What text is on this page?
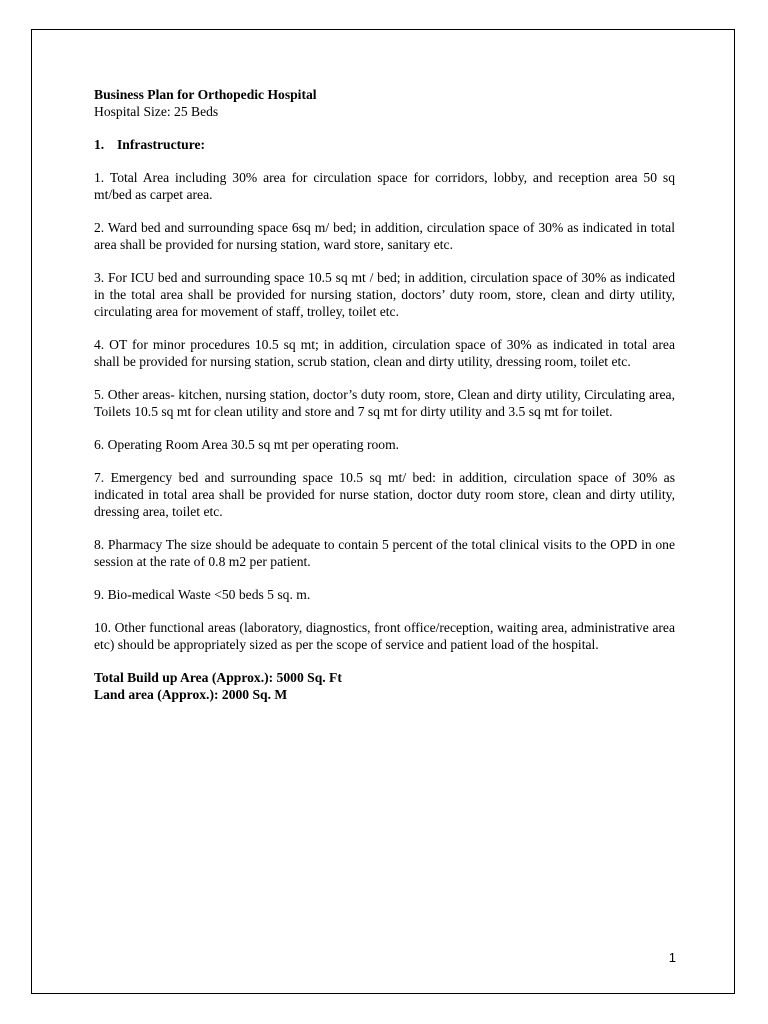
Business Plan for Orthopedic Hospital

Hospital Size: 25 Beds

1. Infrastructure:

1. Total Area including 30% area for circulation space for corridors, lobby, and reception area 50 sq mt/bed as carpet area.

2. Ward bed and surrounding space 6sq m/ bed; in addition, circulation space of 30% as indicated in total area shall be provided for nursing station, ward store, sanitary etc.

3. For ICU bed and surrounding space 10.5 sq mt / bed; in addition, circulation space of 30% as indicated in the total area shall be provided for nursing station, doctors’ duty room, store, clean and dirty utility, circulating area for movement of staff, trolley, toilet etc.

4. OT for minor procedures 10.5 sq mt; in addition, circulation space of 30% as indicated in total area shall be provided for nursing station, scrub station, clean and dirty utility, dressing room, toilet etc.

5. Other areas- kitchen, nursing station, doctor’s duty room, store, Clean and dirty utility, Circulating area, Toilets 10.5 sq mt for clean utility and store and 7 sq mt for dirty utility and 3.5 sq mt for toilet.

6. Operating Room Area 30.5 sq mt per operating room.

7. Emergency bed and surrounding space 10.5 sq mt/ bed: in addition, circulation space of 30% as indicated in total area shall be provided for nurse station, doctor duty room store, clean and dirty utility, dressing area, toilet etc.

8. Pharmacy The size should be adequate to contain 5 percent of the total clinical visits to the OPD in one session at the rate of 0.8 m2 per patient.

9. Bio-medical Waste <50 beds 5 sq. m.

10. Other functional areas (laboratory, diagnostics, front office/reception, waiting area, administrative area etc) should be appropriately sized as per the scope of service and patient load of the hospital.

Total Build up Area (Approx.): 5000 Sq. Ft
Land area (Approx.): 2000 Sq. M
1
